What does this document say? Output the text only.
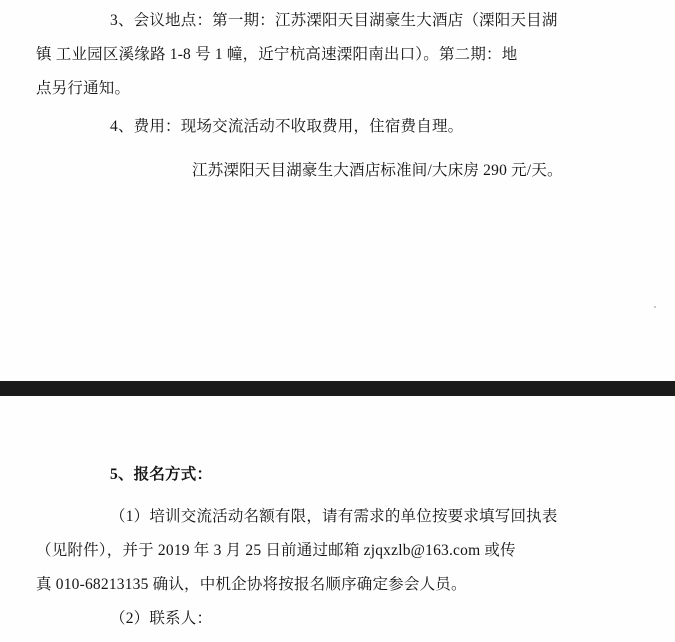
3、会议地点：第一期：江苏溧阳天目湖豪生大酒店（溧阳天目湖
镇 工业园区溪缘路 1-8 号 1 幢，近宁杭高速溧阳南出口）。第二期：地
点另行通知。
4、费用：现场交流活动不收取费用，住宿费自理。
江苏溧阳天目湖豪生大酒店标准间/大床房 290 元/天。
5、报名方式：
（1）培训交流活动名额有限，请有需求的单位按要求填写回执表
（见附件），并于 2019 年 3 月 25 日前通过邮箱 zjqxzlb@163.com 或传
真 010-68213135 确认，中机企协将按报名顺序确定参会人员。
（2）联系人：
